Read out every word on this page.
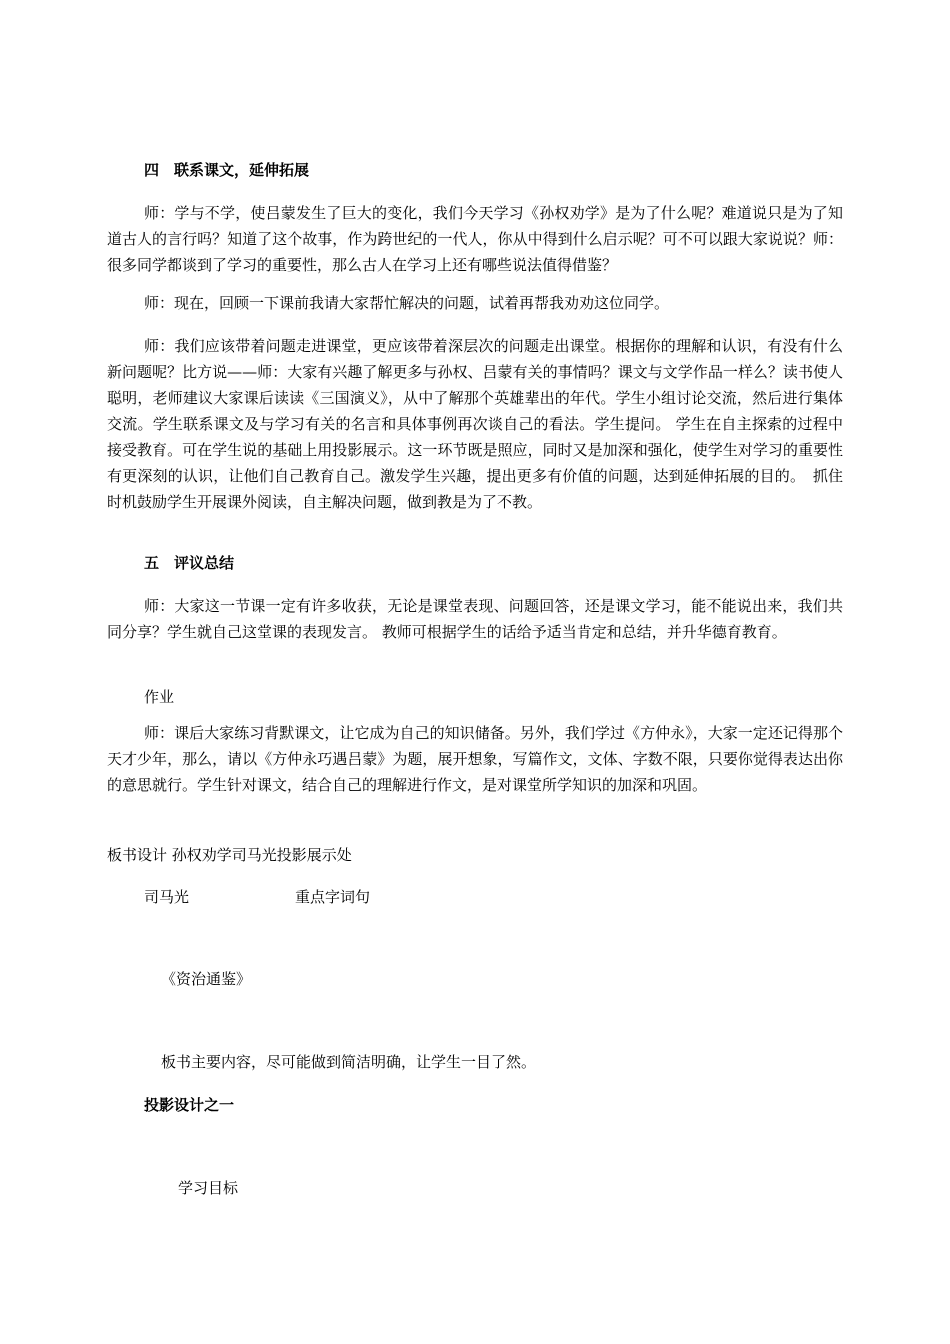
四　联系课文，延伸拓展

师：学与不学，使吕蒙发生了巨大的变化，我们今天学习《孙权劝学》是为了什么呢？难道说只是为了知道古人的言行吗？知道了这个故事，作为跨世纪的一代人，你从中得到什么启示呢？可不可以跟大家说说？师：很多同学都谈到了学习的重要性，那么古人在学习上还有哪些说法值得借鉴？

师：现在，回顾一下课前我请大家帮忙解决的问题，试着再帮我劝劝这位同学。

师：我们应该带着问题走进课堂，更应该带着深层次的问题走出课堂。根据你的理解和认识，有没有什么新问题呢？比方说——师：大家有兴趣了解更多与孙权、吕蒙有关的事情吗？课文与文学作品一样么？读书使人聪明，老师建议大家课后读读《三国演义》，从中了解那个英雄辈出的年代。学生小组讨论交流，然后进行集体交流。学生联系课文及与学习有关的名言和具体事例再次谈自己的看法。学生提问。 学生在自主探索的过程中接受教育。可在学生说的基础上用投影展示。这一环节既是照应，同时又是加深和强化，使学生对学习的重要性有更深刻的认识，让他们自己教育自己。激发学生兴趣，提出更多有价值的问题，达到延伸拓展的目的。　抓住时机鼓励学生开展课外阅读，自主解决问题，做到教是为了不教。

五　评议总结

师：大家这一节课一定有许多收获，无论是课堂表现、问题回答，还是课文学习，能不能说出来，我们共同分享？学生就自己这堂课的表现发言。 教师可根据学生的话给予适当肯定和总结，并升华德育教育。

作业

师：课后大家练习背默课文，让它成为自己的知识储备。另外，我们学过《方仲永》，大家一定还记得那个天才少年，那么，请以《方仲永巧遇吕蒙》为题，展开想象，写篇作文，文体、字数不限，只要你觉得表达出你的意思就行。学生针对课文，结合自己的理解进行作文，是对课堂所学知识的加深和巩固。

板书设计 孙权劝学司马光投影展示处

司马光	重点字词句

《资治通鉴》

板书主要内容，尽可能做到简洁明确，让学生一目了然。

投影设计之一

学习目标
